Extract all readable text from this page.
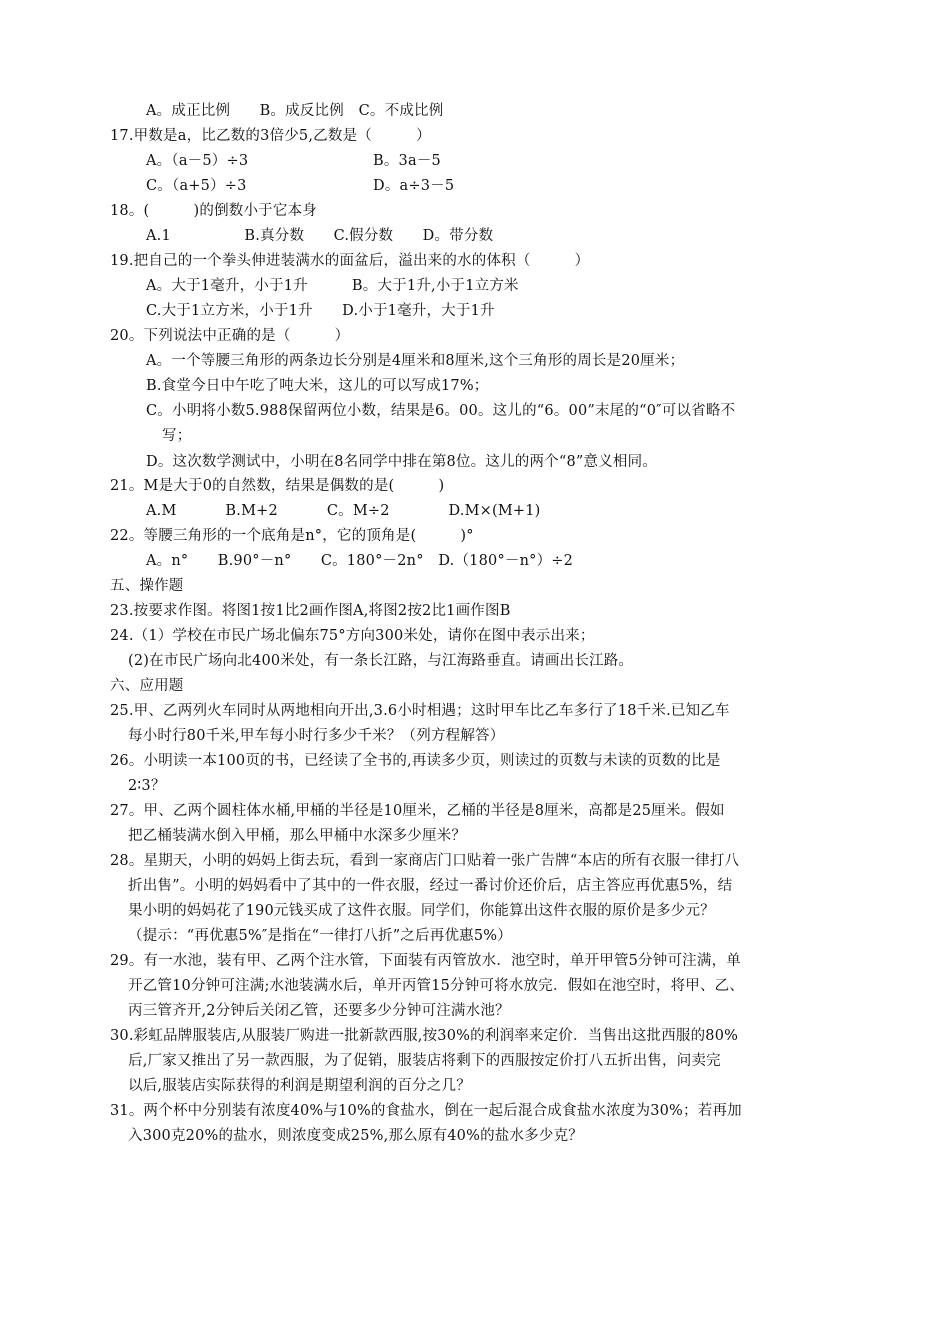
A。成正比例　　B。成反比例　C。不成比例
17.甲数是a，比乙数的3倍少5,乙数是（　　　）
A。（a－5）÷3	B。3a－5
C。（a+5）÷3	D。a÷3－5
18。(　　　)的倒数小于它本身
A.1　　　　　B.真分数　　C.假分数　　D。带分数
19.把自己的一个拳头伸进装满水的面盆后，溢出来的水的体积（　　　）
A。大于1毫升，小于1升　　　B。大于1升,小于1立方米
C.大于1立方米，小于1升　　D.小于1毫升，大于1升
20。下列说法中正确的是（　　　）
A。一个等腰三角形的两条边长分别是4厘米和8厘米,这个三角形的周长是20厘米；
B.食堂今日中午吃了吨大米，这儿的可以写成17%；
C。小明将小数5.988保留两位小数，结果是6。00。这儿的“6。00”末尾的“0″可以省略不
写；
D。这次数学测试中，小明在8名同学中排在第8位。这儿的两个“8”意义相同。
21。M是大于0的自然数，结果是偶数的是(　　　)
A.M　　　 B.M+2　　　 C。M÷2　　　　D.M×(M+1)
22。等腰三角形的一个底角是n°，它的顶角是(　　　)°
A。n°　　B.90°－n°　　C。180°－2n°　D.（180°－n°）÷2
五、操作题
23.按要求作图。将图1按1比2画作图A,将图2按2比1画作图B
24.（1）学校在市民广场北偏东75°方向300米处，请你在图中表示出来；
(2)在市民广场向北400米处，有一条长江路，与江海路垂直。请画出长江路。
六、应用题
25.甲、乙两列火车同时从两地相向开出,3.6小时相遇；这时甲车比乙车多行了18千米.已知乙车
每小时行80千米,甲车每小时行多少千米？（列方程解答）
26。小明读一本100页的书，已经读了全书的,再读多少页，则读过的页数与未读的页数的比是
2∶3？
27。甲、乙两个圆柱体水桶,甲桶的半径是10厘米，乙桶的半径是8厘米，高都是25厘米。假如
把乙桶装满水倒入甲桶，那么甲桶中水深多少厘米？
28。星期天，小明的妈妈上街去玩，看到一家商店门口贴着一张广告牌“本店的所有衣服一律打八
折出售”。小明的妈妈看中了其中的一件衣服，经过一番讨价还价后，店主答应再优惠5%，结
果小明的妈妈花了190元钱买成了这件衣服。同学们，你能算出这件衣服的原价是多少元？
（提示：“再优惠5%″是指在“一律打八折”之后再优惠5%）
29。有一水池，装有甲、乙两个注水管，下面装有丙管放水．池空时，单开甲管5分钟可注满，单
开乙管10分钟可注满;水池装满水后，单开丙管15分钟可将水放完．假如在池空时，将甲、乙、
丙三管齐开,2分钟后关闭乙管，还要多少分钟可注满水池？
30.彩虹品牌服装店,从服装厂购进一批新款西服,按30%的利润率来定价．当售出这批西服的80%
后,厂家又推出了另一款西服，为了促销，服装店将剩下的西服按定价打八五折出售，问卖完
以后,服装店实际获得的利润是期望利润的百分之几？
31。两个杯中分别装有浓度40%与10%的食盐水，倒在一起后混合成食盐水浓度为30%；若再加
入300克20%的盐水，则浓度变成25%,那么原有40%的盐水多少克？
